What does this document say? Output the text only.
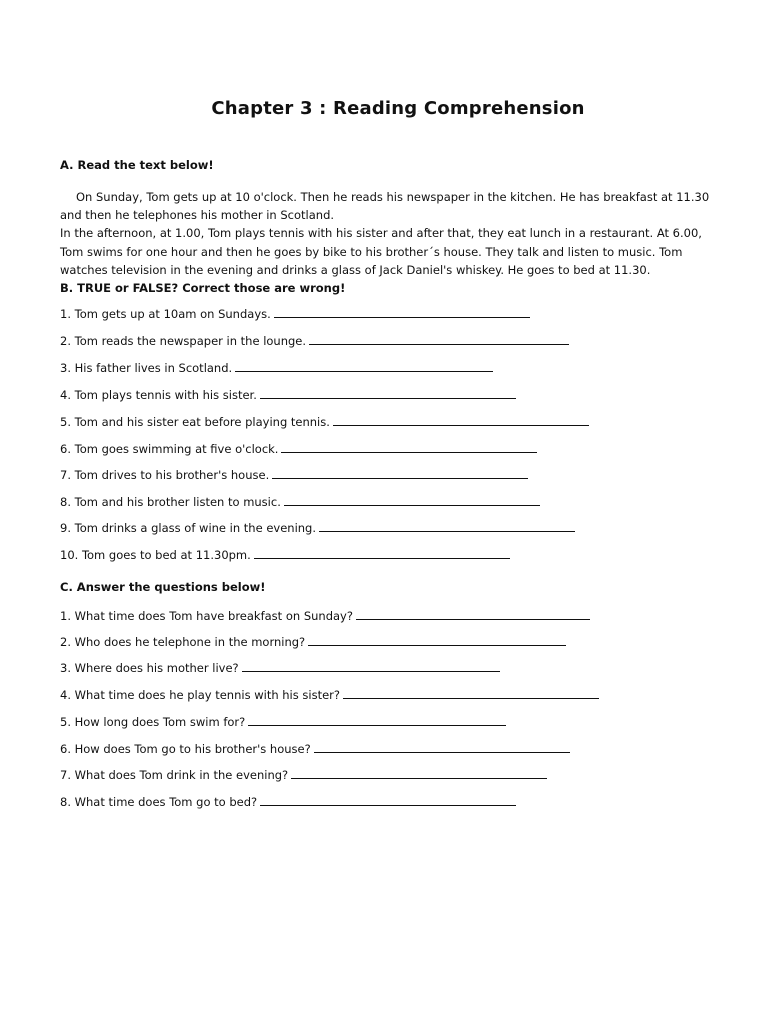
Chapter 3 : Reading Comprehension
A. Read the text below!

On Sunday, Tom gets up at 10 o'clock. Then he reads his newspaper in the kitchen. He has breakfast at 11.30 and then he telephones his mother in Scotland.

In the afternoon, at 1.00, Tom plays tennis with his sister and after that, they eat lunch in a restaurant. At 6.00, Tom swims for one hour and then he goes by bike to his brother´s house. They talk and listen to music. Tom watches television in the evening and drinks a glass of Jack Daniel's whiskey. He goes to bed at 11.30.

B. TRUE or FALSE? Correct those are wrong!
1. Tom gets up at 10am on Sundays.
2. Tom reads the newspaper in the lounge.
3. His father lives in Scotland.
4. Tom plays tennis with his sister.
5. Tom and his sister eat before playing tennis.
6. Tom goes swimming at five o'clock.
7. Tom drives to his brother's house.
8. Tom and his brother listen to music.
9. Tom drinks a glass of wine in the evening.
10. Tom goes to bed at 11.30pm.
C. Answer the questions below!
1. What time does Tom have breakfast on Sunday?
2. Who does he telephone in the morning?
3. Where does his mother live?
4. What time does he play tennis with his sister?
5. How long does Tom swim for?
6. How does Tom go to his brother's house?
7. What does Tom drink in the evening?
8. What time does Tom go to bed?
